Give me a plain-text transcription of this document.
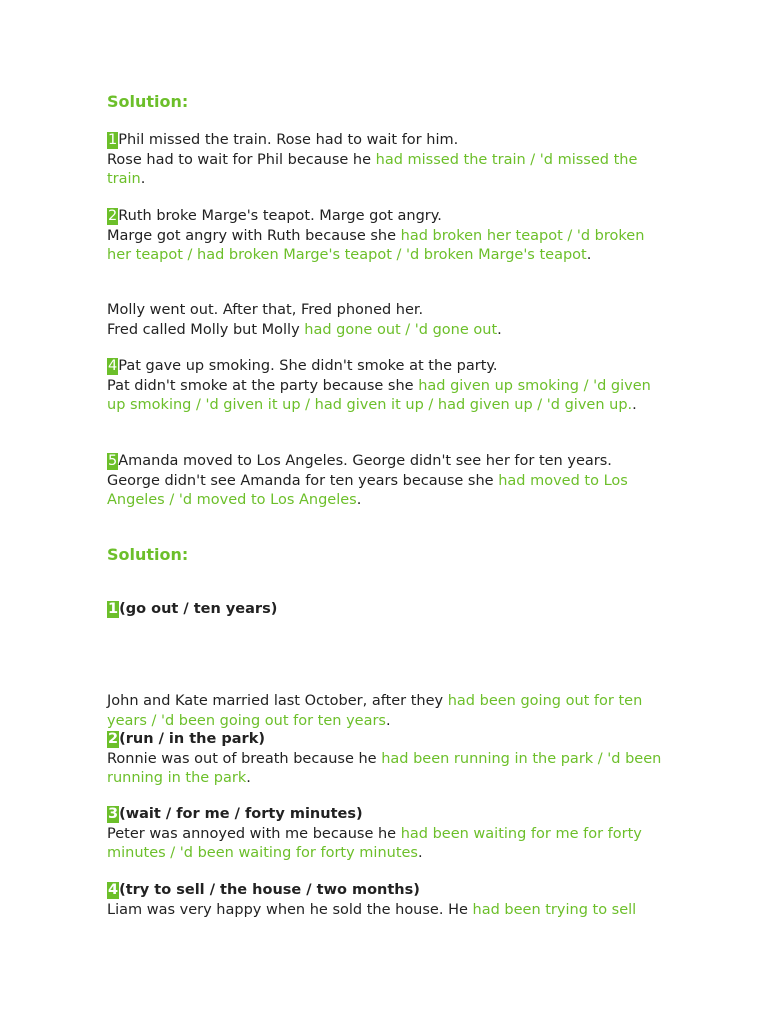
Solution:

1Phil missed the train. Rose had to wait for him.

Rose had to wait for Phil because he had missed the train / 'd missed the train.

2Ruth broke Marge's teapot. Marge got angry.

Marge got angry with Ruth because she had broken her teapot / 'd broken her teapot / had broken Marge's teapot / 'd broken Marge's teapot.

Molly went out. After that, Fred phoned her.

Fred called Molly but Molly had gone out / 'd gone out.

4Pat gave up smoking. She didn't smoke at the party.

Pat didn't smoke at the party because she had given up smoking / 'd given up smoking / 'd given it up / had given it up / had given up / 'd given up..

5Amanda moved to Los Angeles. George didn't see her for ten years.

George didn't see Amanda for ten years because she had moved to Los Angeles / 'd moved to Los Angeles.

Solution:

1(go out / ten years)

John and Kate married last October, after they had been going out for ten years / 'd been going out for ten years.

2(run / in the park)

Ronnie was out of breath because he had been running in the park / 'd been running in the park.

3(wait / for me / forty minutes)

Peter was annoyed with me because he had been waiting for me for forty minutes / 'd been waiting for forty minutes.

4(try to sell / the house / two months)

Liam was very happy when he sold the house. He had been trying to sell
